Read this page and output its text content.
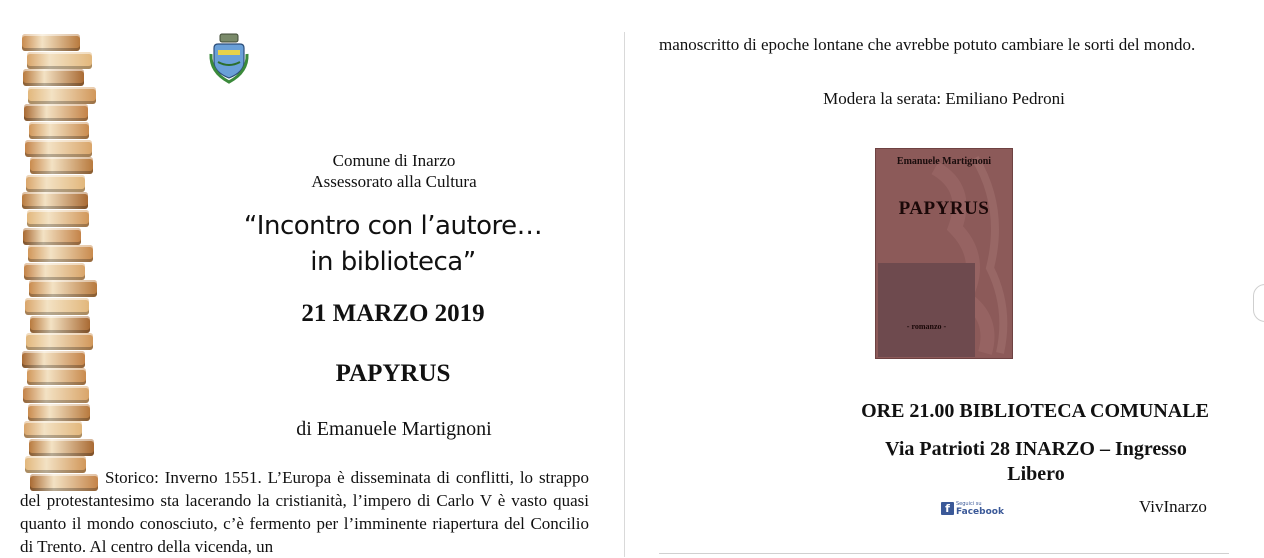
Comune di Inarzo
Assessorato alla Cultura
“Incontro con l’autore…
in biblioteca”
21 MARZO 2019
PAPYRUS
di Emanuele Martignoni
Storico: Inverno 1551. L’Europa è disseminata di conflitti, lo strappo del protestantesimo sta lacerando la cristianità, l’impero di Carlo V è vasto quasi quanto il mondo conosciuto, c’è fermento per l’imminente riapertura del Concilio di Trento. Al centro della vicenda, un
manoscritto di epoche lontane che avrebbe potuto cambiare le sorti del mondo.
Modera la serata: Emiliano Pedroni
Emanuele Martignoni
PAPYRUS
- romanzo -
ORE 21.00 BIBLIOTECA COMUNALE
Via Patrioti 28 INARZO – Ingresso
Libero
f	Seguici su
Facebook	VivInarzo
